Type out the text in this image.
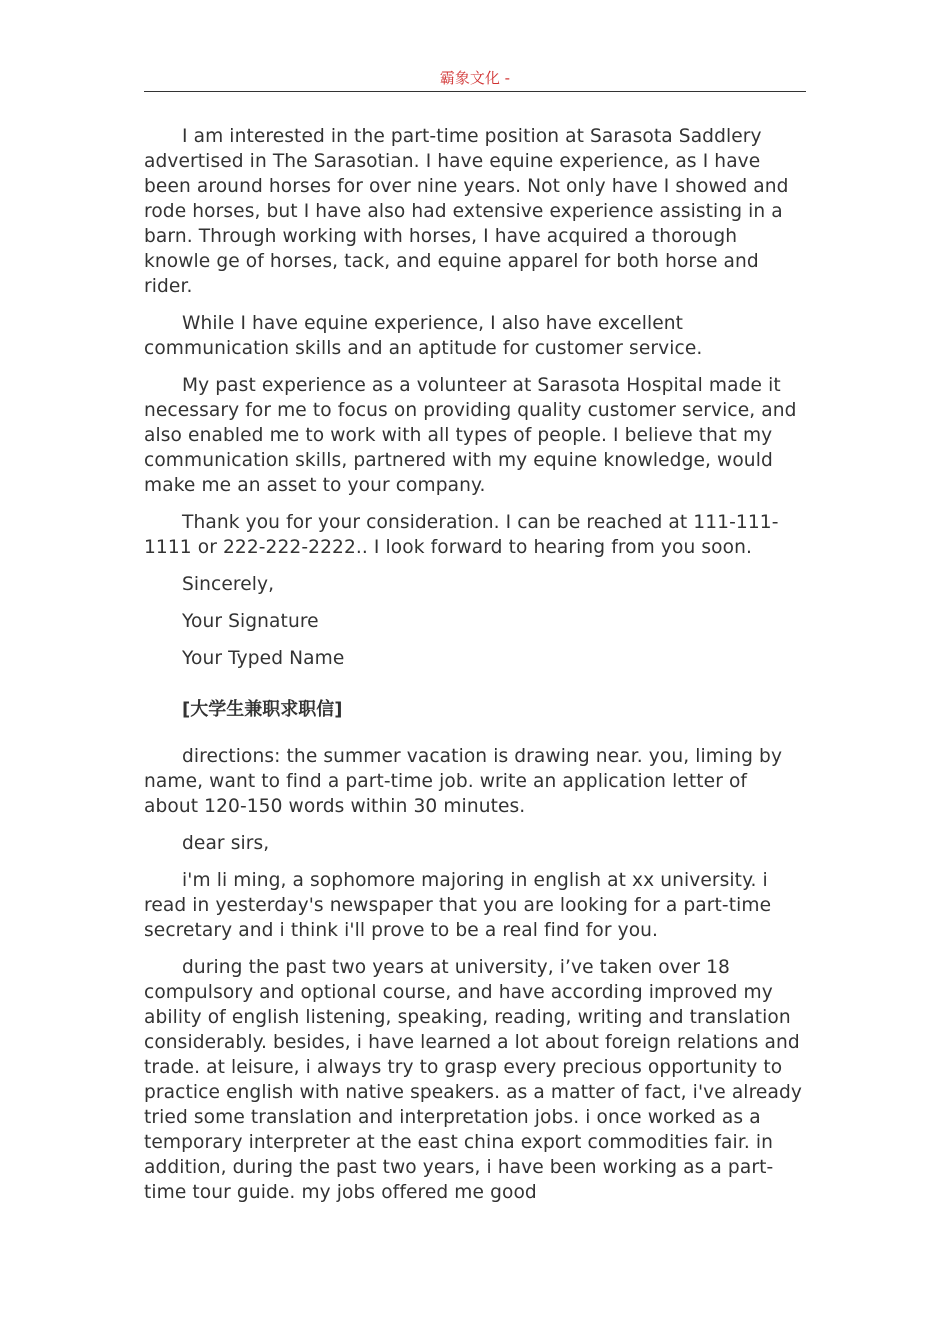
霸象文化 -

I am interested in the part-time position at Sarasota Saddlery advertised in The Sarasotian. I have equine experience, as I have been around horses for over nine years. Not only have I showed and rode horses, but I have also had extensive experience assisting in a barn. Through working with horses, I have acquired a thorough knowle ge of horses, tack, and equine apparel for both horse and rider.

While I have equine experience, I also have excellent communication skills and an aptitude for customer service.

My past experience as a volunteer at Sarasota Hospital made it necessary for me to focus on providing quality customer service, and also enabled me to work with all types of people. I believe that my communication skills, partnered with my equine knowledge, would make me an asset to your company.

Thank you for your consideration. I can be reached at 111-111-1111 or 222-222-2222.. I look forward to hearing from you soon.

Sincerely,

Your Signature

Your Typed Name

[大学生兼职求职信]

directions: the summer vacation is drawing near. you, liming by name, want to find a part-time job. write an application letter of about 120-150 words within 30 minutes.

dear sirs,

i'm li ming, a sophomore majoring in english at xx university. i read in yesterday's newspaper that you are looking for a part-time secretary and i think i'll prove to be a real find for you.

during the past two years at university, i’ve taken over 18 compulsory and optional course, and have according improved my ability of english listening, speaking, reading, writing and translation considerably. besides, i have learned a lot about foreign relations and trade. at leisure, i always try to grasp every precious opportunity to practice english with native speakers. as a matter of fact, i've already tried some translation and interpretation jobs. i once worked as a temporary interpreter at the east china export commodities fair. in addition, during the past two years, i have been working as a part-time tour guide. my jobs offered me good
